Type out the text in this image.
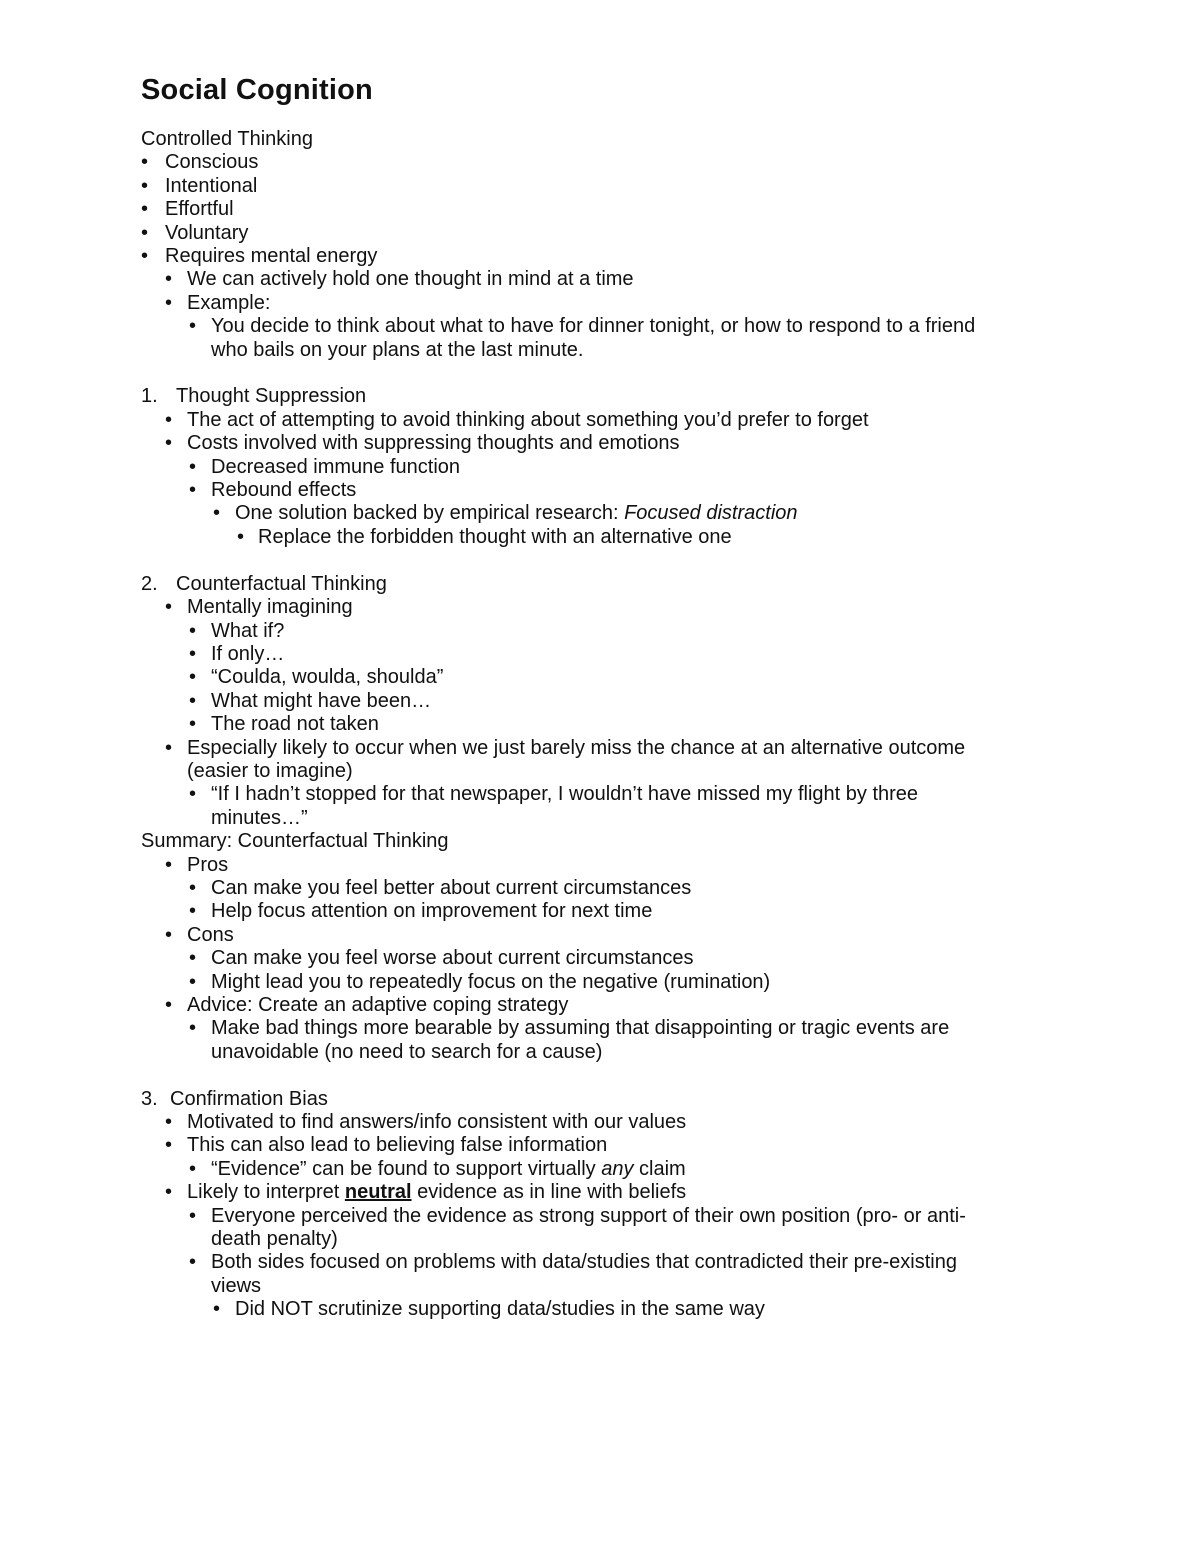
Social Cognition
Controlled Thinking
• Conscious
• Intentional
• Effortful
• Voluntary
• Requires mental energy
• We can actively hold one thought in mind at a time
• Example:
• You decide to think about what to have for dinner tonight, or how to respond to a friend
who bails on your plans at the last minute.
1. Thought Suppression
• The act of attempting to avoid thinking about something you’d prefer to forget
• Costs involved with suppressing thoughts and emotions
• Decreased immune function
• Rebound effects
• One solution backed by empirical research: Focused distraction
• Replace the forbidden thought with an alternative one
2. Counterfactual Thinking
• Mentally imagining
• What if?
• If only…
• “Coulda, woulda, shoulda”
• What might have been…
• The road not taken
• Especially likely to occur when we just barely miss the chance at an alternative outcome
(easier to imagine)
• “If I hadn’t stopped for that newspaper, I wouldn’t have missed my flight by three
minutes…”
Summary: Counterfactual Thinking
• Pros
• Can make you feel better about current circumstances
• Help focus attention on improvement for next time
• Cons
• Can make you feel worse about current circumstances
• Might lead you to repeatedly focus on the negative (rumination)
• Advice: Create an adaptive coping strategy
• Make bad things more bearable by assuming that disappointing or tragic events are
unavoidable (no need to search for a cause)
3. Confirmation Bias
• Motivated to find answers/info consistent with our values
• This can also lead to believing false information
• “Evidence” can be found to support virtually any claim
• Likely to interpret neutral evidence as in line with beliefs
• Everyone perceived the evidence as strong support of their own position (pro- or anti-
death penalty)
• Both sides focused on problems with data/studies that contradicted their pre-existing
views
• Did NOT scrutinize supporting data/studies in the same way
